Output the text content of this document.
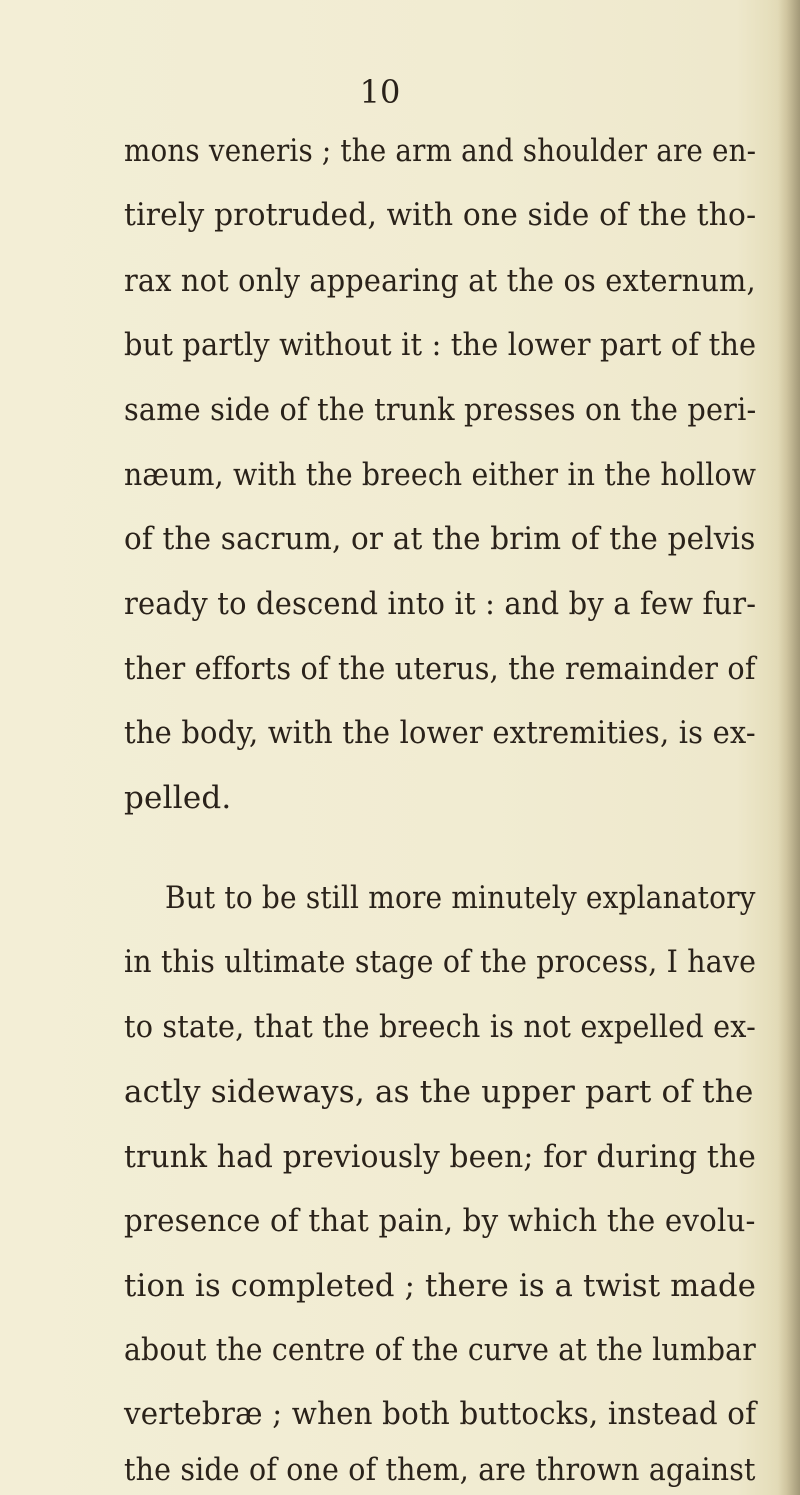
10
mons veneris ; the arm and shoulder are en-
tirely protruded, with one side of the tho-
rax not only appearing at the os externum,
but partly without it : the lower part of the
same side of the trunk presses on the peri-
næum, with the breech either in the hollow
of the sacrum, or at the brim of the pelvis
ready to descend into it : and by a few fur-
ther efforts of the uterus, the remainder of
the body, with the lower extremities, is ex-
pelled.
But to be still more minutely explanatory
in this ultimate stage of the process, I have
to state, that the breech is not expelled ex-
actly sideways, as the upper part of the
trunk had previously been; for during the
presence of that pain, by which the evolu-
tion is completed ; there is a twist made
about the centre of the curve at the lumbar
vertebræ ; when both buttocks, instead of
the side of one of them, are thrown against
